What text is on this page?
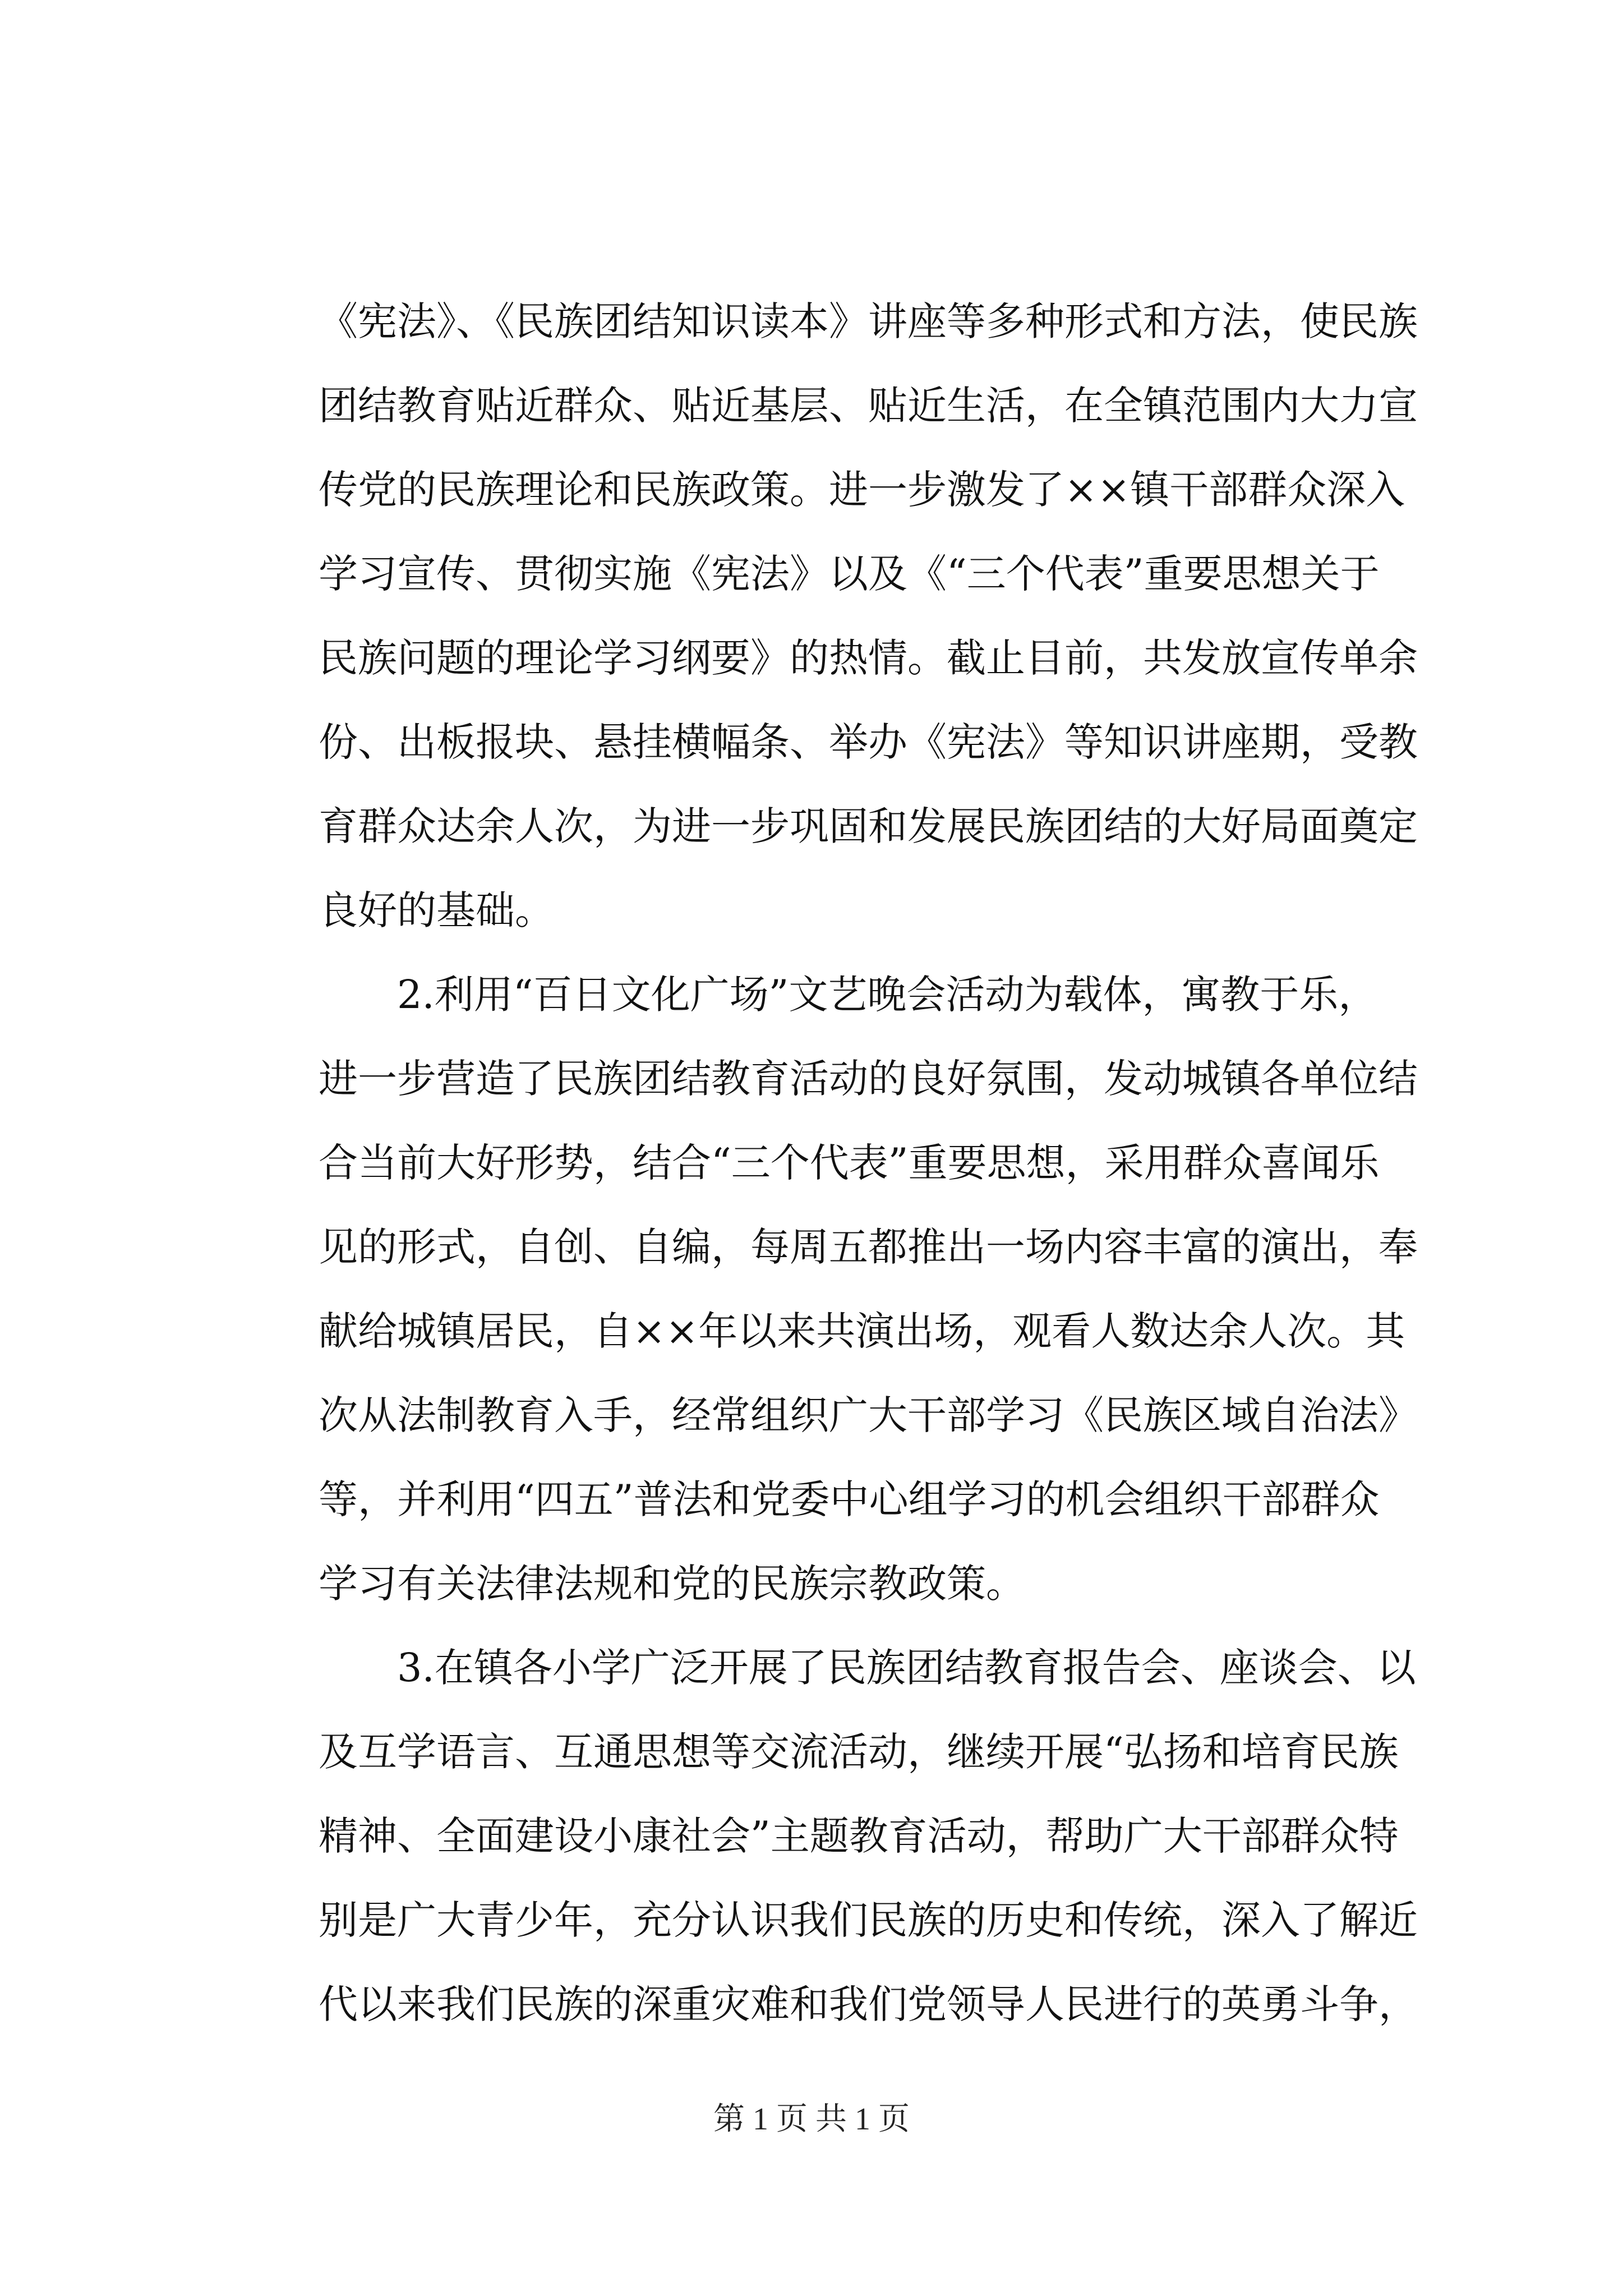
《宪法》、《民族团结知识读本》讲座等多种形式和方法，使民族
团结教育贴近群众、贴近基层、贴近生活，在全镇范围内大力宣
传党的民族理论和民族政策。进一步激发了××镇干部群众深入
学习宣传、贯彻实施《宪法》以及《“三个代表”重要思想关于
民族问题的理论学习纲要》的热情。截止目前，共发放宣传单余
份、出板报块、悬挂横幅条、举办《宪法》等知识讲座期，受教
育群众达余人次，为进一步巩固和发展民族团结的大好局面奠定
良好的基础。
2.利用“百日文化广场”文艺晚会活动为载体，寓教于乐，
进一步营造了民族团结教育活动的良好氛围，发动城镇各单位结
合当前大好形势，结合“三个代表”重要思想，采用群众喜闻乐
见的形式，自创、自编，每周五都推出一场内容丰富的演出，奉
献给城镇居民，自××年以来共演出场，观看人数达余人次。其
次从法制教育入手，经常组织广大干部学习《民族区域自治法》
等，并利用“四五”普法和党委中心组学习的机会组织干部群众
学习有关法律法规和党的民族宗教政策。
3.在镇各小学广泛开展了民族团结教育报告会、座谈会、以
及互学语言、互通思想等交流活动，继续开展“弘扬和培育民族
精神、全面建设小康社会”主题教育活动，帮助广大干部群众特
别是广大青少年，充分认识我们民族的历史和传统，深入了解近
代以来我们民族的深重灾难和我们党领导人民进行的英勇斗争，
第 1 页 共 1 页
